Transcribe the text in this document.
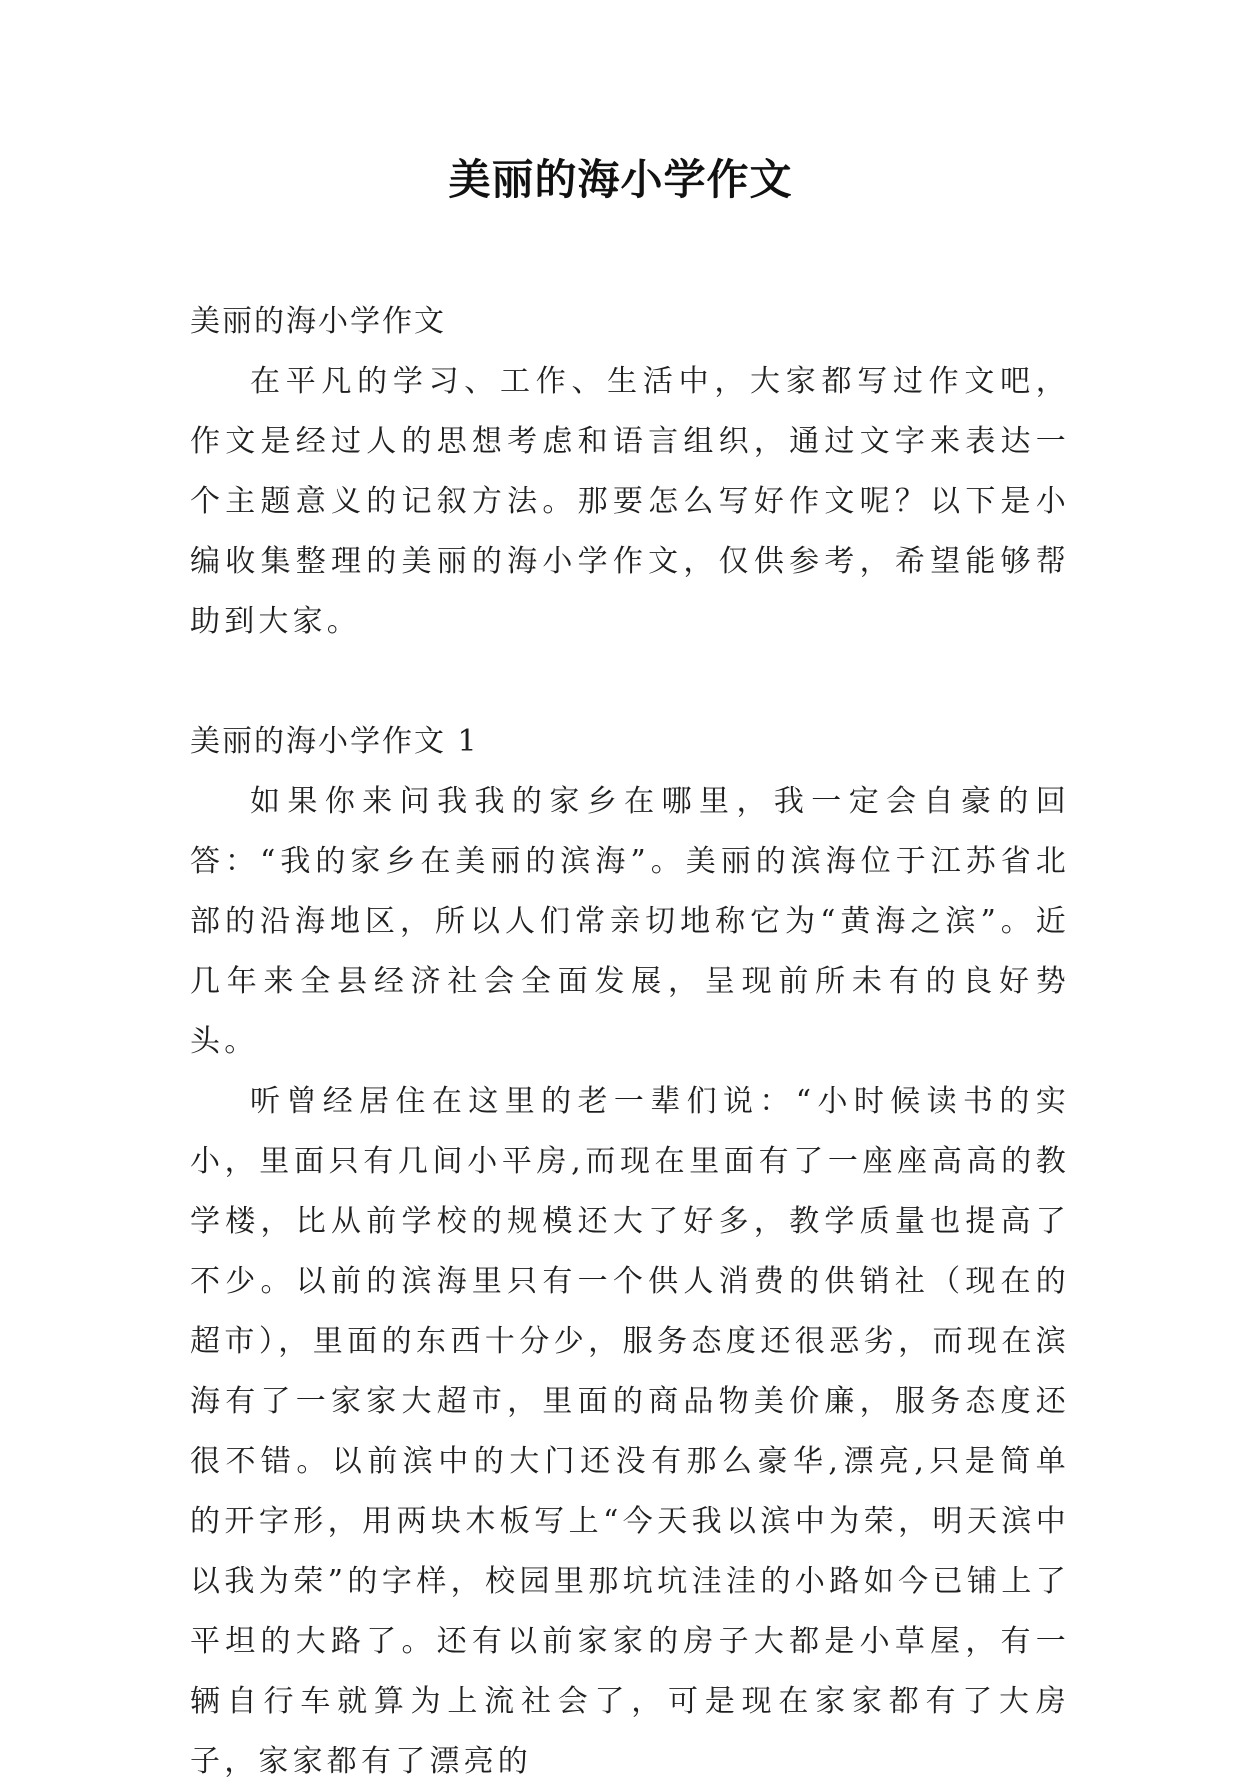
美丽的海小学作文

美丽的海小学作文

在平凡的学习、工作、生活中，大家都写过作文吧，作文是经过人的思想考虑和语言组织，通过文字来表达一个主题意义的记叙方法。那要怎么写好作文呢？以下是小编收集整理的美丽的海小学作文，仅供参考，希望能够帮助到大家。

美丽的海小学作文 1

如果你来问我我的家乡在哪里，我一定会自豪的回答：“我的家乡在美丽的滨海”。美丽的滨海位于江苏省北部的沿海地区，所以人们常亲切地称它为“黄海之滨”。近几年来全县经济社会全面发展，呈现前所未有的良好势头。

听曾经居住在这里的老一辈们说：“小时候读书的实小，里面只有几间小平房,而现在里面有了一座座高高的教学楼，比从前学校的规模还大了好多，教学质量也提高了不少。以前的滨海里只有一个供人消费的供销社（现在的超市），里面的东西十分少，服务态度还很恶劣，而现在滨海有了一家家大超市，里面的商品物美价廉，服务态度还很不错。以前滨中的大门还没有那么豪华,漂亮,只是简单的开字形，用两块木板写上“今天我以滨中为荣，明天滨中以我为荣”的字样，校园里那坑坑洼洼的小路如今已铺上了平坦的大路了。还有以前家家的房子大都是小草屋，有一辆自行车就算为上流社会了，可是现在家家都有了大房子，家家都有了漂亮的
